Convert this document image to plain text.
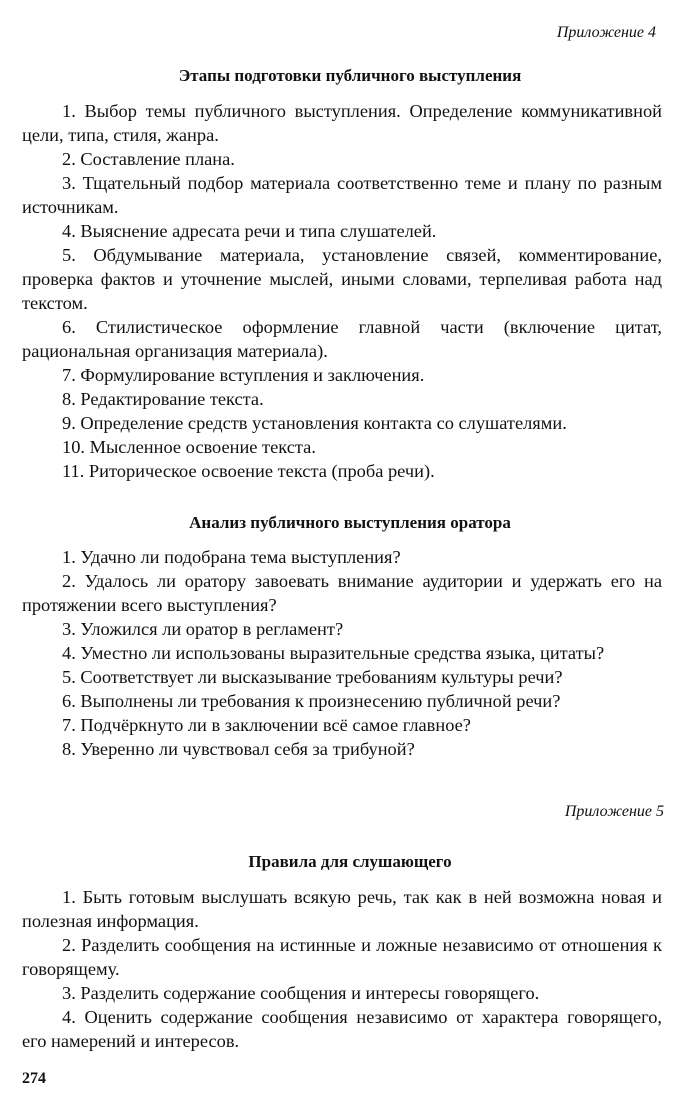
Приложение 4
Этапы подготовки публичного выступления

1. Выбор темы публичного выступления. Определение коммуникативной цели, типа, стиля, жанра.

2. Составление плана.

3. Тщательный подбор материала соответственно теме и плану по разным источникам.

4. Выяснение адресата речи и типа слушателей.

5. Обдумывание материала, установление связей, комментирование, проверка фактов и уточнение мыслей, иными словами, терпеливая работа над текстом.

6. Стилистическое оформление главной части (включение цитат, рациональная организация материала).

7. Формулирование вступления и заключения.

8. Редактирование текста.

9. Определение средств установления контакта со слушателями.

10. Мысленное освоение текста.

11. Риторическое освоение текста (проба речи).

Анализ публичного выступления оратора

1. Удачно ли подобрана тема выступления?

2. Удалось ли оратору завоевать внимание аудитории и удержать его на протяжении всего выступления?

3. Уложился ли оратор в регламент?

4. Уместно ли использованы выразительные средства языка, цитаты?

5. Соответствует ли высказывание требованиям культуры речи?

6. Выполнены ли требования к произнесению публичной речи?

7. Подчёркнуто ли в заключении всё самое главное?

8. Уверенно ли чувствовал себя за трибуной?

Приложение 5
Правила для слушающего

1. Быть готовым выслушать всякую речь, так как в ней возможна новая и полезная информация.

2. Разделить сообщения на истинные и ложные независимо от отношения к говорящему.

3. Разделить содержание сообщения и интересы говорящего.

4. Оценить содержание сообщения независимо от характера говорящего, его намерений и интересов.

274
